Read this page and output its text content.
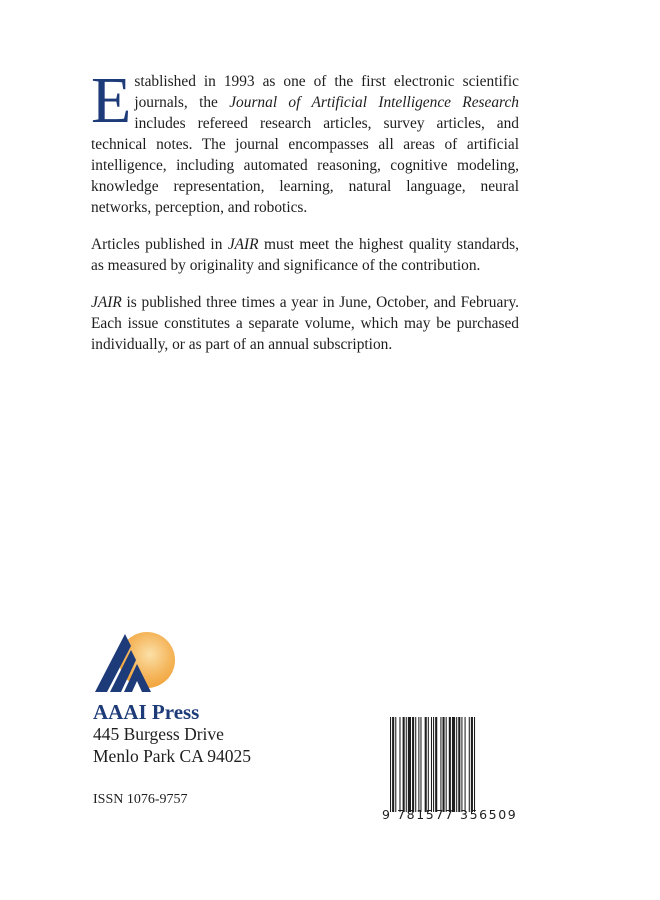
Established in 1993 as one of the first electronic scientific journals, the Journal of Artificial Intelligence Research includes refereed research articles, survey articles, and technical notes. The journal encompasses all areas of artificial intelligence, including automated reasoning, cognitive modeling, knowledge representation, learning, natural language, neural networks, perception, and robotics.

Articles published in JAIR must meet the highest quality standards, as measured by originality and significance of the contribution.

JAIR is published three times a year in June, October, and February. Each issue constitutes a separate volume, which may be purchased individually, or as part of an annual subscription.

AAAI Press
445 Burgess Drive
Menlo Park CA 94025
ISSN 1076-9757
9 781577 356509
